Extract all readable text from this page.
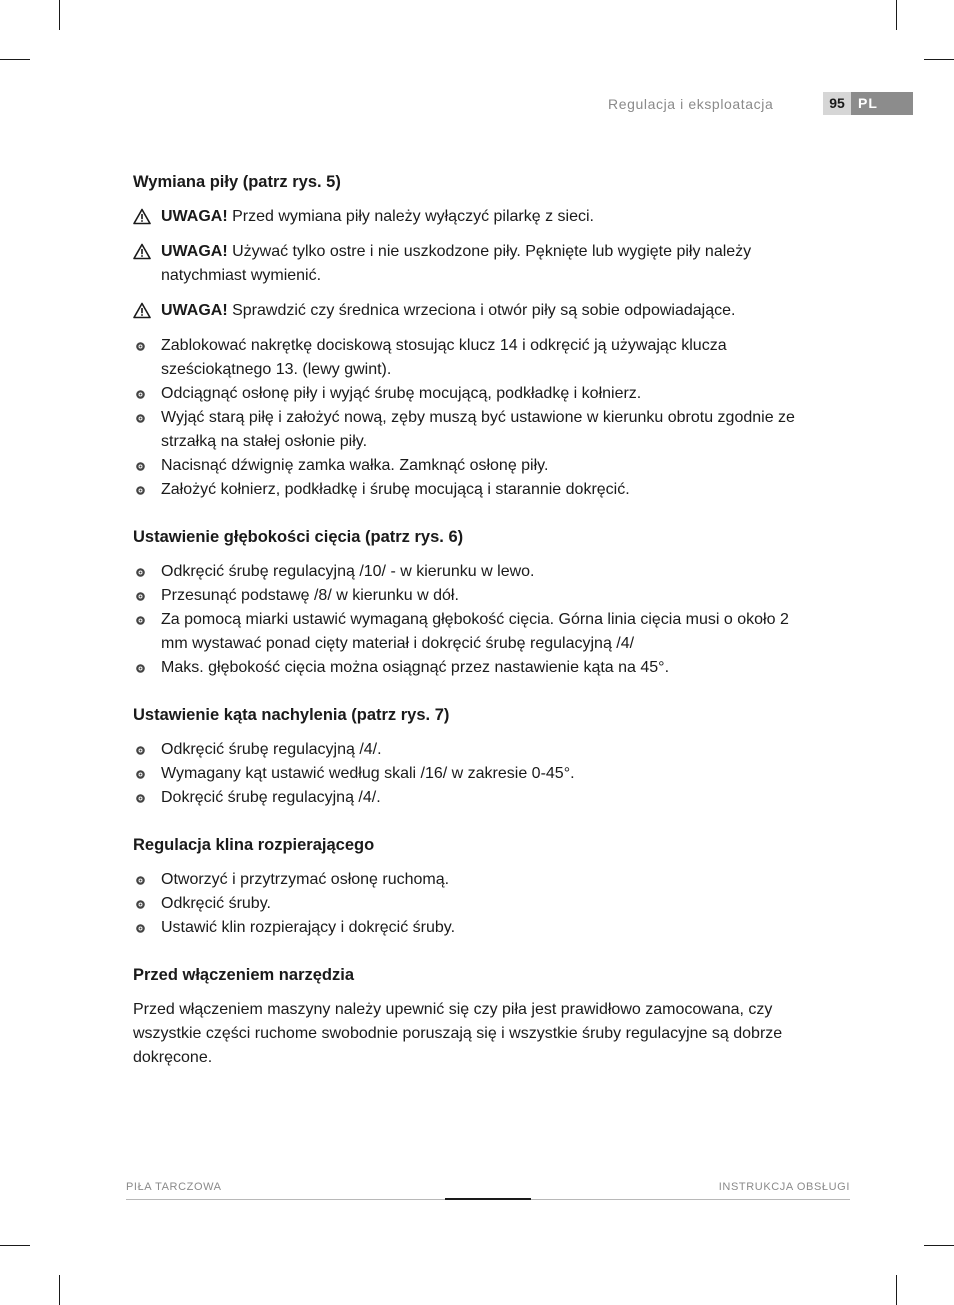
Regulacja i eksploatacja	95 PL
Wymiana piły (patrz rys. 5)
UWAGA! Przed wymiana piły należy wyłączyć pilarkę z sieci.
UWAGA! Używać tylko ostre i nie uszkodzone piły. Pęknięte lub wygięte piły należy natychmiast wymienić.
UWAGA! Sprawdzić czy średnica wrzeciona i otwór piły są sobie odpowiadające.
Zablokować nakrętkę dociskową stosując klucz 14 i odkręcić ją używając klucza sześciokątnego 13. (lewy gwint).
Odciągnąć osłonę piły i wyjąć śrubę mocującą, podkładkę i kołnierz.
Wyjąć starą piłę i założyć nową, zęby muszą być ustawione w kierunku obrotu zgodnie ze strzałką na stałej osłonie piły.
Nacisnąć dźwignię zamka wałka. Zamknąć osłonę piły.
Założyć kołnierz, podkładkę i śrubę mocującą i starannie dokręcić.
Ustawienie głębokości cięcia (patrz rys. 6)
Odkręcić śrubę regulacyjną /10/ - w kierunku w lewo.
Przesunąć podstawę /8/ w kierunku w dół.
Za pomocą miarki ustawić wymaganą głębokość cięcia. Górna linia cięcia musi o około 2 mm wystawać ponad cięty materiał i dokręcić śrubę regulacyjną /4/
Maks. głębokość cięcia można osiągnąć przez nastawienie kąta na 45°.
Ustawienie kąta nachylenia (patrz rys. 7)
Odkręcić śrubę regulacyjną /4/.
Wymagany kąt ustawić według skali /16/ w zakresie 0-45°.
Dokręcić śrubę regulacyjną /4/.
Regulacja klina rozpierającego
Otworzyć i przytrzymać osłonę ruchomą.
Odkręcić śruby.
Ustawić klin rozpierający i dokręcić śruby.
Przed włączeniem narzędzia

Przed włączeniem maszyny należy upewnić się czy piła jest prawidłowo zamocowana, czy wszystkie części ruchome swobodnie poruszają się i wszystkie śruby regulacyjne są dobrze dokręcone.

PIŁA TARCZOWA	INSTRUKCJA OBSŁUGI
